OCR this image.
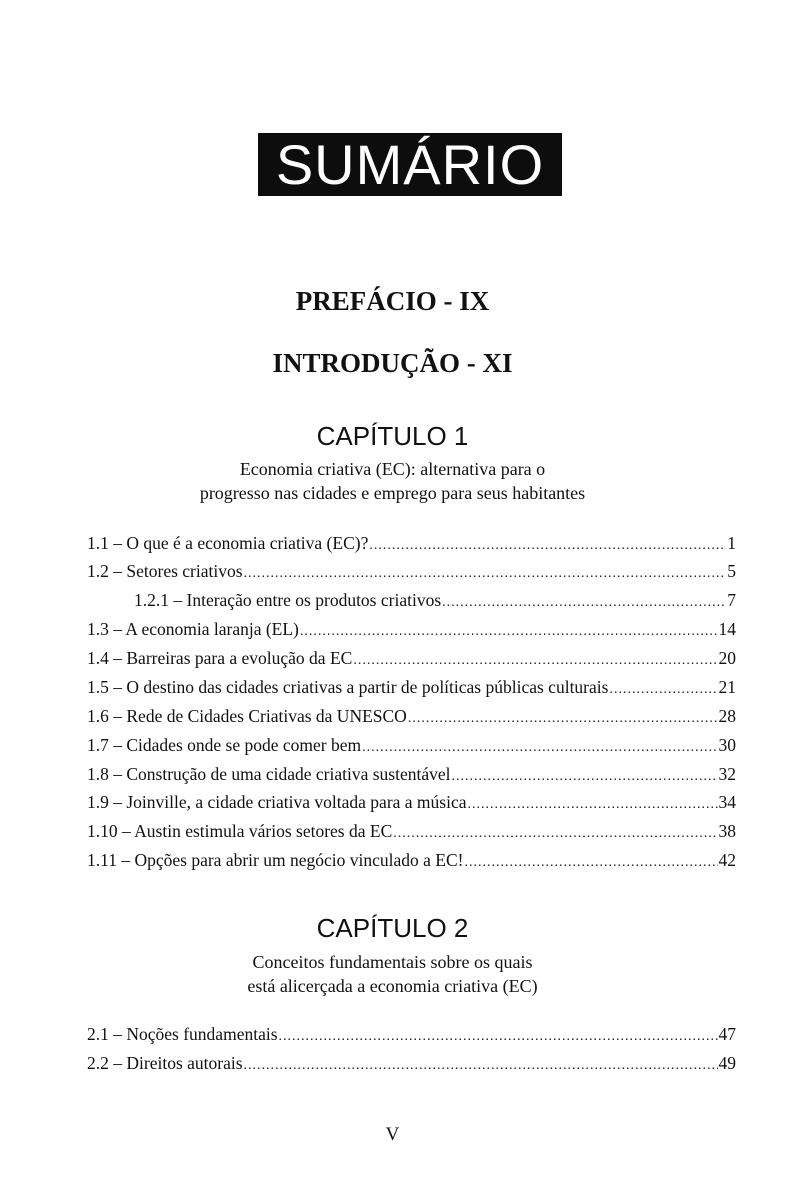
SUMÁRIO
PREFÁCIO - IX
INTRODUÇÃO - XI
CAPÍTULO 1
Economia criativa (EC): alternativa para o
progresso nas cidades e emprego para seus habitantes
1.1 – O que é a economia criativa (EC)? .....	1
1.2 – Setores criativos .....	5
1.2.1 – Interação entre os produtos criativos .....	7
1.3 – A economia laranja (EL) .....	14
1.4 – Barreiras para a evolução da EC .....	20
1.5 – O destino das cidades criativas a partir de políticas públicas culturais .....	21
1.6 – Rede de Cidades Criativas da UNESCO .....	28
1.7 – Cidades onde se pode comer bem .....	30
1.8 – Construção de uma cidade criativa sustentável .....	32
1.9 – Joinville, a cidade criativa voltada para a música .....	34
1.10 – Austin estimula vários setores da EC .....	38
1.11 – Opções para abrir um negócio vinculado a EC! .....	42
CAPÍTULO 2
Conceitos fundamentais sobre os quais
está alicerçada a economia criativa (EC)
2.1 – Noções fundamentais .....	47
2.2 – Direitos autorais .....	49
V
